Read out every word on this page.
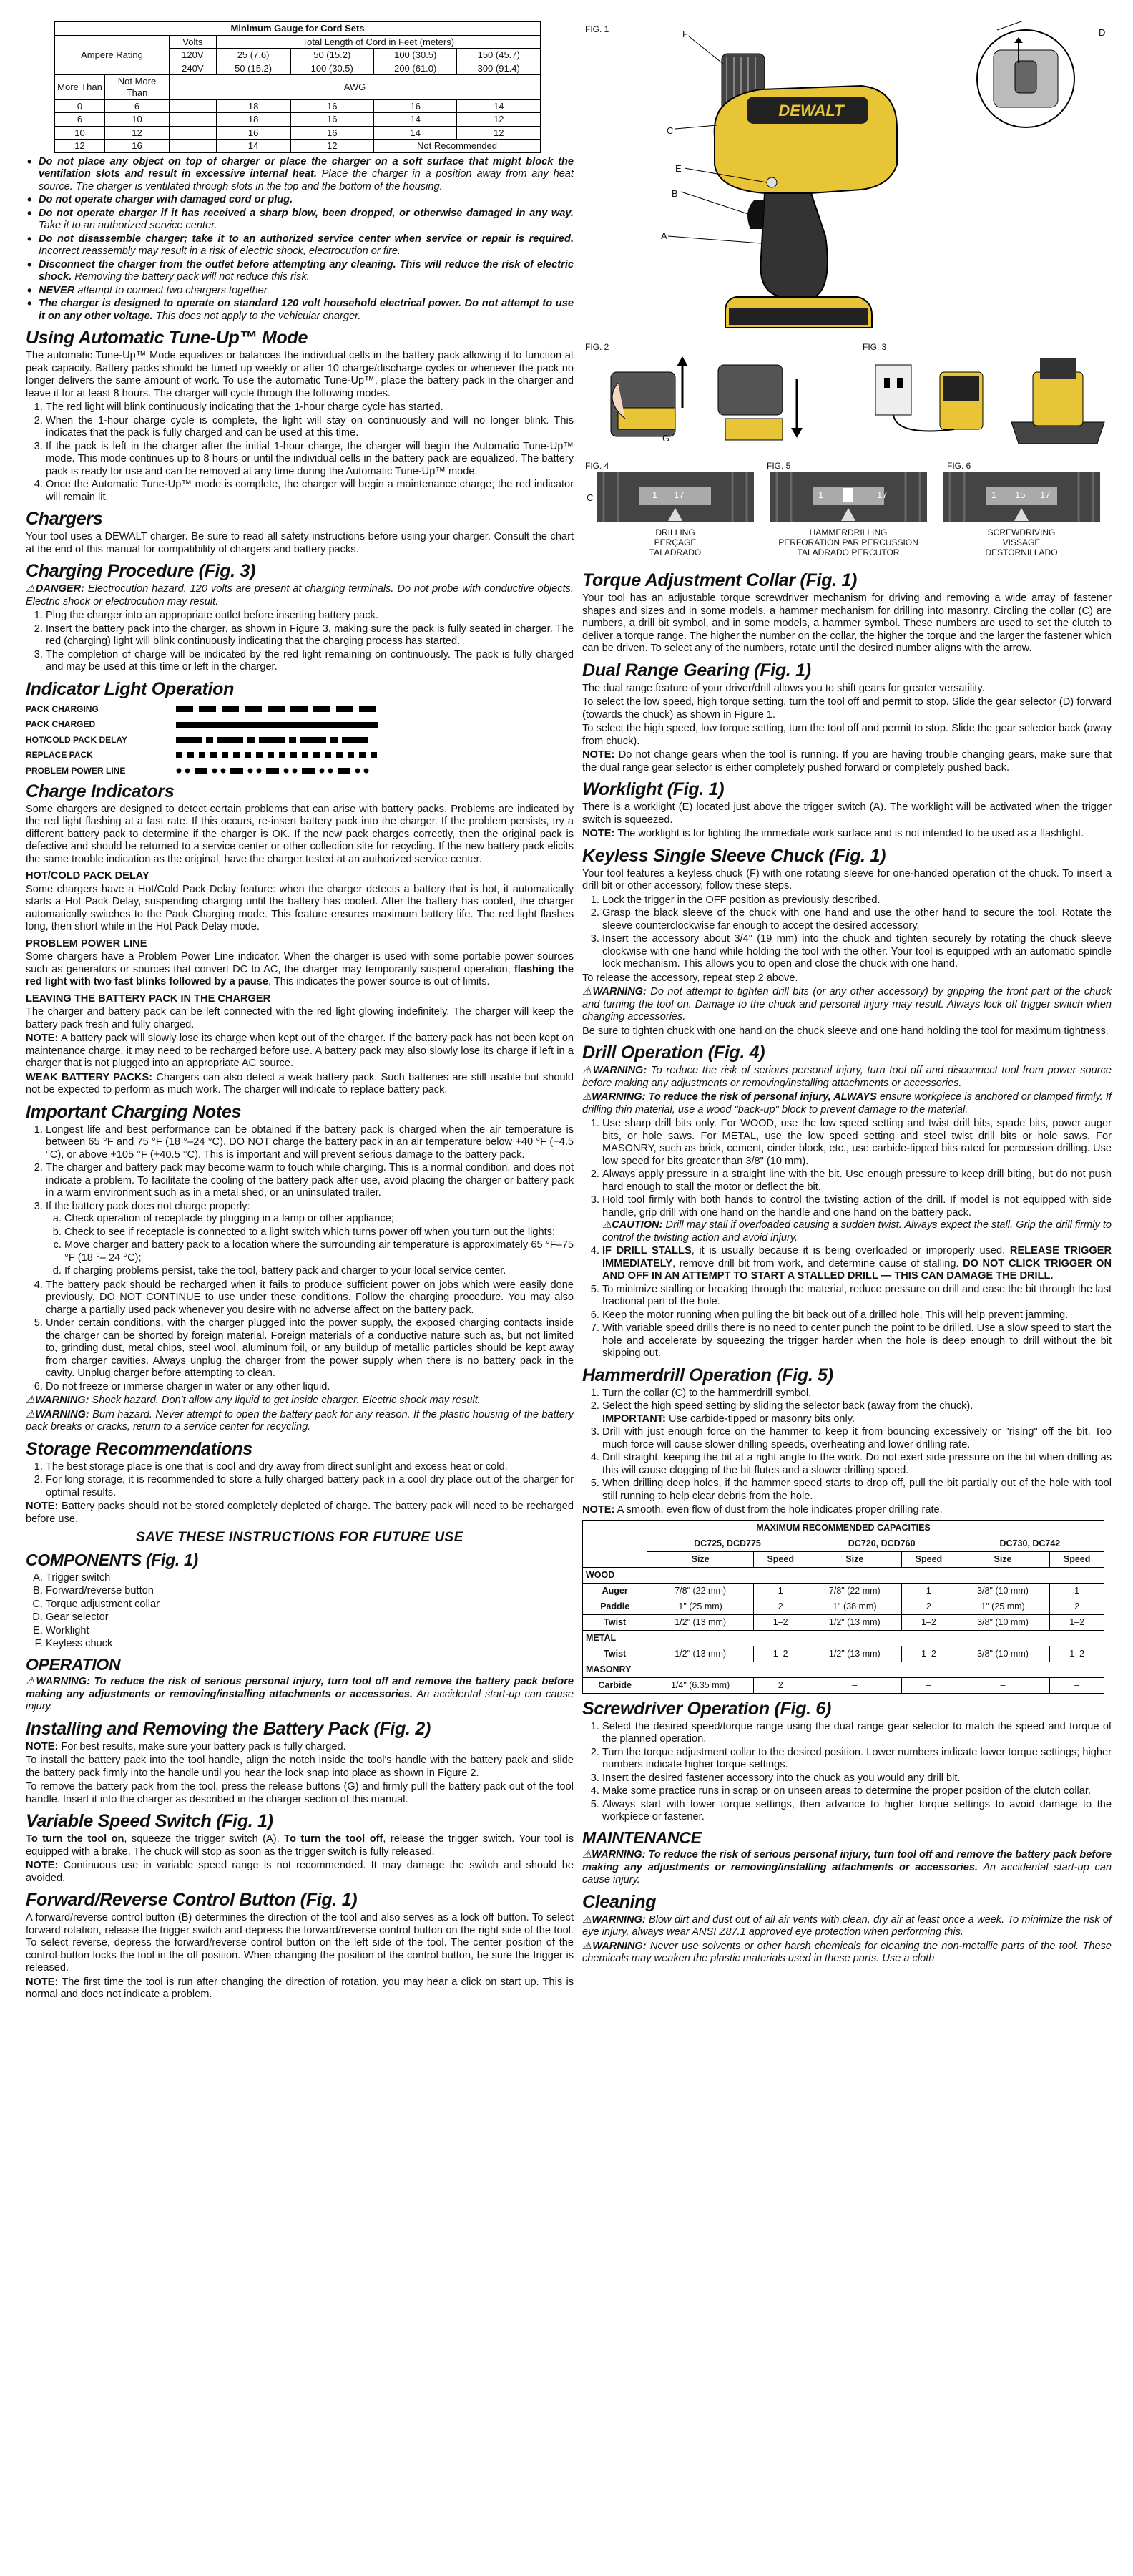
Minimum Gauge for Cord Sets						
Ampere Rating		Volts	Total Length of Cord in Feet (meters)			
		120V	25 (7.6)	50 (15.2)	100 (30.5)	150 (45.7)
		240V	50 (15.2)	100 (30.5)	200 (61.0)	300 (91.4)
More Than	Not More Than	AWG				
0	6		18	16	16	14
6	10		18	16	14	12
10	12		16	16	14	12
12	16		14	12	Not Recommended	
• Do not place any object on top of charger or place the charger on a soft surface that might block the ventilation slots and result in excessive internal heat. Place the charger in a position away from any heat source. The charger is ventilated through slots in the top and the bottom of the housing.
• Do not operate charger with damaged cord or plug.
• Do not operate charger if it has received a sharp blow, been dropped, or otherwise damaged in any way. Take it to an authorized service center.
• Do not disassemble charger; take it to an authorized service center when service or repair is required. Incorrect reassembly may result in a risk of electric shock, electrocution or fire.
• Disconnect the charger from the outlet before attempting any cleaning. This will reduce the risk of electric shock. Removing the battery pack will not reduce this risk.
• NEVER attempt to connect two chargers together.
• The charger is designed to operate on standard 120 volt household electrical power. Do not attempt to use it on any other voltage. This does not apply to the vehicular charger.
Using Automatic Tune-Up™ Mode

The automatic Tune-Up™ Mode equalizes or balances the individual cells in the battery pack allowing it to function at peak capacity. Battery packs should be tuned up weekly or after 10 charge/discharge cycles or whenever the pack no longer delivers the same amount of work. To use the automatic Tune-Up™, place the battery pack in the charger and leave it for at least 8 hours. The charger will cycle through the following modes.

1. The red light will blink continuously indicating that the 1-hour charge cycle has started.
2. When the 1-hour charge cycle is complete, the light will stay on continuously and will no longer blink. This indicates that the pack is fully charged and can be used at this time.
3. If the pack is left in the charger after the initial 1-hour charge, the charger will begin the Automatic Tune-Up™ mode. This mode continues up to 8 hours or until the individual cells in the battery pack are equalized. The battery pack is ready for use and can be removed at any time during the Automatic Tune-Up™ mode.
4. Once the Automatic Tune-Up™ mode is complete, the charger will begin a maintenance charge; the red indicator will remain lit.
Chargers

Your tool uses a DEWALT charger. Be sure to read all safety instructions before using your charger. Consult the chart at the end of this manual for compatibility of chargers and battery packs.

Charging Procedure (Fig. 3)

⚠DANGER: Electrocution hazard. 120 volts are present at charging terminals. Do not probe with conductive objects. Electric shock or electrocution may result.

1. Plug the charger into an appropriate outlet before inserting battery pack.
2. Insert the battery pack into the charger, as shown in Figure 3, making sure the pack is fully seated in charger. The red (charging) light will blink continuously indicating that the charging process has started.
3. The completion of charge will be indicated by the red light remaining on continuously. The pack is fully charged and may be used at this time or left in the charger.
Indicator Light Operation
PACK CHARGING
PACK CHARGED
HOT/COLD PACK DELAY
REPLACE PACK
PROBLEM POWER LINE
Charge Indicators

Some chargers are designed to detect certain problems that can arise with battery packs. Problems are indicated by the red light flashing at a fast rate. If this occurs, re-insert battery pack into the charger. If the problem persists, try a different battery pack to determine if the charger is OK. If the new pack charges correctly, then the original pack is defective and should be returned to a service center or other collection site for recycling. If the new battery pack elicits the same trouble indication as the original, have the charger tested at an authorized service center.

HOT/COLD PACK DELAY

Some chargers have a Hot/Cold Pack Delay feature: when the charger detects a battery that is hot, it automatically starts a Hot Pack Delay, suspending charging until the battery has cooled. After the battery has cooled, the charger automatically switches to the Pack Charging mode. This feature ensures maximum battery life. The red light flashes long, then short while in the Hot Pack Delay mode.

PROBLEM POWER LINE

Some chargers have a Problem Power Line indicator. When the charger is used with some portable power sources such as generators or sources that convert DC to AC, the charger may temporarily suspend operation, flashing the red light with two fast blinks followed by a pause. This indicates the power source is out of limits.

LEAVING THE BATTERY PACK IN THE CHARGER

The charger and battery pack can be left connected with the red light glowing indefinitely. The charger will keep the battery pack fresh and fully charged.

NOTE: A battery pack will slowly lose its charge when kept out of the charger. If the battery pack has not been kept on maintenance charge, it may need to be recharged before use. A battery pack may also slowly lose its charge if left in a charger that is not plugged into an appropriate AC source.

WEAK BATTERY PACKS: Chargers can also detect a weak battery pack. Such batteries are still usable but should not be expected to perform as much work. The charger will indicate to replace battery pack.

Important Charging Notes
1. Longest life and best performance can be obtained if the battery pack is charged when the air temperature is between 65 °F and 75 °F (18 °–24 °C). DO NOT charge the battery pack in an air temperature below +40 °F (+4.5 °C), or above +105 °F (+40.5 °C). This is important and will prevent serious damage to the battery pack.
2. The charger and battery pack may become warm to touch while charging. This is a normal condition, and does not indicate a problem. To facilitate the cooling of the battery pack after use, avoid placing the charger or battery pack in a warm environment such as in a metal shed, or an uninsulated trailer.
3. If the battery pack does not charge properly:
a. Check operation of receptacle by plugging in a lamp or other appliance;
b. Check to see if receptacle is connected to a light switch which turns power off when you turn out the lights;
c. Move charger and battery pack to a location where the surrounding air temperature is approximately 65 °F–75 °F (18 °– 24 °C);
d. If charging problems persist, take the tool, battery pack and charger to your local service center.
4. The battery pack should be recharged when it fails to produce sufficient power on jobs which were easily done previously. DO NOT CONTINUE to use under these conditions. Follow the charging procedure. You may also charge a partially used pack whenever you desire with no adverse affect on the battery pack.
5. Under certain conditions, with the charger plugged into the power supply, the exposed charging contacts inside the charger can be shorted by foreign material. Foreign materials of a conductive nature such as, but not limited to, grinding dust, metal chips, steel wool, aluminum foil, or any buildup of metallic particles should be kept away from charger cavities. Always unplug the charger from the power supply when there is no battery pack in the cavity. Unplug charger before attempting to clean.
6. Do not freeze or immerse charger in water or any other liquid.

⚠WARNING: Shock hazard. Don't allow any liquid to get inside charger. Electric shock may result.

⚠WARNING: Burn hazard. Never attempt to open the battery pack for any reason. If the plastic housing of the battery pack breaks or cracks, return to a service center for recycling.

Storage Recommendations
1. The best storage place is one that is cool and dry away from direct sunlight and excess heat or cold.
2. For long storage, it is recommended to store a fully charged battery pack in a cool dry place out of the charger for optimal results.

NOTE: Battery packs should not be stored completely depleted of charge. The battery pack will need to be recharged before use.

SAVE THESE INSTRUCTIONS FOR FUTURE USE
COMPONENTS (Fig. 1)
A. Trigger switch
B. Forward/reverse button
C. Torque adjustment collar
D. Gear selector
E. Worklight
F. Keyless chuck
OPERATION

⚠WARNING: To reduce the risk of serious personal injury, turn tool off and remove the battery pack before making any adjustments or removing/installing attachments or accessories. An accidental start-up can cause injury.

Installing and Removing the Battery Pack (Fig. 2)

NOTE: For best results, make sure your battery pack is fully charged.

To install the battery pack into the tool handle, align the notch inside the tool's handle with the battery pack and slide the battery pack firmly into the handle until you hear the lock snap into place as shown in Figure 2.

To remove the battery pack from the tool, press the release buttons (G) and firmly pull the battery pack out of the tool handle. Insert it into the charger as described in the charger section of this manual.

Variable Speed Switch (Fig. 1)

To turn the tool on, squeeze the trigger switch (A). To turn the tool off, release the trigger switch. Your tool is equipped with a brake. The chuck will stop as soon as the trigger switch is fully released.

NOTE: Continuous use in variable speed range is not recommended. It may damage the switch and should be avoided.

Forward/Reverse Control Button (Fig. 1)

A forward/reverse control button (B) determines the direction of the tool and also serves as a lock off button. To select forward rotation, release the trigger switch and depress the forward/reverse control button on the right side of the tool. To select reverse, depress the forward/reverse control button on the left side of the tool. The center position of the control button locks the tool in the off position. When changing the position of the control button, be sure the trigger is released.

NOTE: The first time the tool is run after changing the direction of rotation, you may hear a click on start up. This is normal and does not indicate a problem.

FIG. 1
DEWALT
F	D
C
E
B
A
FIG. 2
G
FIG. 3
FIG. 4	FIG. 5	FIG. 6
C	1 17
DRILLING
PERÇAGE
TALADRADO
1	17
HAMMERDRILLING
PERFORATION PAR PERCUSSION
TALADRADO PERCUTOR
1 15 17
SCREWDRIVING
VISSAGE
DESTORNILLADO
Torque Adjustment Collar (Fig. 1)

Your tool has an adjustable torque screwdriver mechanism for driving and removing a wide array of fastener shapes and sizes and in some models, a hammer mechanism for drilling into masonry. Circling the collar (C) are numbers, a drill bit symbol, and in some models, a hammer symbol. These numbers are used to set the clutch to deliver a torque range. The higher the number on the collar, the higher the torque and the larger the fastener which can be driven. To select any of the numbers, rotate until the desired number aligns with the arrow.

Dual Range Gearing (Fig. 1)

The dual range feature of your driver/drill allows you to shift gears for greater versatility.

To select the low speed, high torque setting, turn the tool off and permit to stop. Slide the gear selector (D) forward (towards the chuck) as shown in Figure 1.

To select the high speed, low torque setting, turn the tool off and permit to stop. Slide the gear selector back (away from chuck).

NOTE: Do not change gears when the tool is running. If you are having trouble changing gears, make sure that the dual range gear selector is either completely pushed forward or completely pushed back.

Worklight (Fig. 1)

There is a worklight (E) located just above the trigger switch (A). The worklight will be activated when the trigger switch is squeezed.

NOTE: The worklight is for lighting the immediate work surface and is not intended to be used as a flashlight.

Keyless Single Sleeve Chuck (Fig. 1)

Your tool features a keyless chuck (F) with one rotating sleeve for one-handed operation of the chuck. To insert a drill bit or other accessory, follow these steps.

1. Lock the trigger in the OFF position as previously described.
2. Grasp the black sleeve of the chuck with one hand and use the other hand to secure the tool. Rotate the sleeve counterclockwise far enough to accept the desired accessory.
3. Insert the accessory about 3/4" (19 mm) into the chuck and tighten securely by rotating the chuck sleeve clockwise with one hand while holding the tool with the other. Your tool is equipped with an automatic spindle lock mechanism. This allows you to open and close the chuck with one hand.

To release the accessory, repeat step 2 above.

⚠WARNING: Do not attempt to tighten drill bits (or any other accessory) by gripping the front part of the chuck and turning the tool on. Damage to the chuck and personal injury may result. Always lock off trigger switch when changing accessories.

Be sure to tighten chuck with one hand on the chuck sleeve and one hand holding the tool for maximum tightness.

Drill Operation (Fig. 4)

⚠WARNING: To reduce the risk of serious personal injury, turn tool off and disconnect tool from power source before making any adjustments or removing/installing attachments or accessories.

⚠WARNING: To reduce the risk of personal injury, ALWAYS ensure workpiece is anchored or clamped firmly. If drilling thin material, use a wood "back-up" block to prevent damage to the material.

1. Use sharp drill bits only. For WOOD, use the low speed setting and twist drill bits, spade bits, power auger bits, or hole saws. For METAL, use the low speed setting and steel twist drill bits or hole saws. For MASONRY, such as brick, cement, cinder block, etc., use carbide-tipped bits rated for percussion drilling. Use low speed for bits greater than 3/8" (10 mm).
2. Always apply pressure in a straight line with the bit. Use enough pressure to keep drill biting, but do not push hard enough to stall the motor or deflect the bit.
3. Hold tool firmly with both hands to control the twisting action of the drill. If model is not equipped with side handle, grip drill with one hand on the handle and one hand on the battery pack.
⚠CAUTION: Drill may stall if overloaded causing a sudden twist. Always expect the stall. Grip the drill firmly to control the twisting action and avoid injury.
4. IF DRILL STALLS, it is usually because it is being overloaded or improperly used. RELEASE TRIGGER IMMEDIATELY, remove drill bit from work, and determine cause of stalling. DO NOT CLICK TRIGGER ON AND OFF IN AN ATTEMPT TO START A STALLED DRILL — THIS CAN DAMAGE THE DRILL.
5. To minimize stalling or breaking through the material, reduce pressure on drill and ease the bit through the last fractional part of the hole.
6. Keep the motor running when pulling the bit back out of a drilled hole. This will help prevent jamming.
7. With variable speed drills there is no need to center punch the point to be drilled. Use a slow speed to start the hole and accelerate by squeezing the trigger harder when the hole is deep enough to drill without the bit skipping out.
Hammerdrill Operation (Fig. 5)
1. Turn the collar (C) to the hammerdrill symbol.
2. Select the high speed setting by sliding the selector back (away from the chuck).
IMPORTANT: Use carbide-tipped or masonry bits only.
3. Drill with just enough force on the hammer to keep it from bouncing excessively or "rising" off the bit. Too much force will cause slower drilling speeds, overheating and lower drilling rate.
4. Drill straight, keeping the bit at a right angle to the work. Do not exert side pressure on the bit when drilling as this will cause clogging of the bit flutes and a slower drilling speed.
5. When drilling deep holes, if the hammer speed starts to drop off, pull the bit partially out of the hole with tool still running to help clear debris from the hole.

NOTE: A smooth, even flow of dust from the hole indicates proper drilling rate.

MAXIMUM RECOMMENDED CAPACITIES						
	DC725, DCD775		DC720, DCD760		DC730, DC742	
	Size	Speed	Size	Speed	Size	Speed
WOOD						
Auger	7/8" (22 mm)	1	7/8" (22 mm)	1	3/8" (10 mm)	1
Paddle	1" (25 mm)	2	1" (38 mm)	2	1" (25 mm)	2
Twist	1/2" (13 mm)	1–2	1/2" (13 mm)	1–2	3/8" (10 mm)	1–2
METAL						
Twist	1/2" (13 mm)	1–2	1/2" (13 mm)	1–2	3/8" (10 mm)	1–2
MASONRY						
Carbide	1/4" (6.35 mm)	2	–	–	–	–
Screwdriver Operation (Fig. 6)
1. Select the desired speed/torque range using the dual range gear selector to match the speed and torque of the planned operation.
2. Turn the torque adjustment collar to the desired position. Lower numbers indicate lower torque settings; higher numbers indicate higher torque settings.
3. Insert the desired fastener accessory into the chuck as you would any drill bit.
4. Make some practice runs in scrap or on unseen areas to determine the proper position of the clutch collar.
5. Always start with lower torque settings, then advance to higher torque settings to avoid damage to the workpiece or fastener.
MAINTENANCE

⚠WARNING: To reduce the risk of serious personal injury, turn tool off and remove the battery pack before making any adjustments or removing/installing attachments or accessories. An accidental start-up can cause injury.

Cleaning

⚠WARNING: Blow dirt and dust out of all air vents with clean, dry air at least once a week. To minimize the risk of eye injury, always wear ANSI Z87.1 approved eye protection when performing this.

⚠WARNING: Never use solvents or other harsh chemicals for cleaning the non-metallic parts of the tool. These chemicals may weaken the plastic materials used in these parts. Use a cloth
